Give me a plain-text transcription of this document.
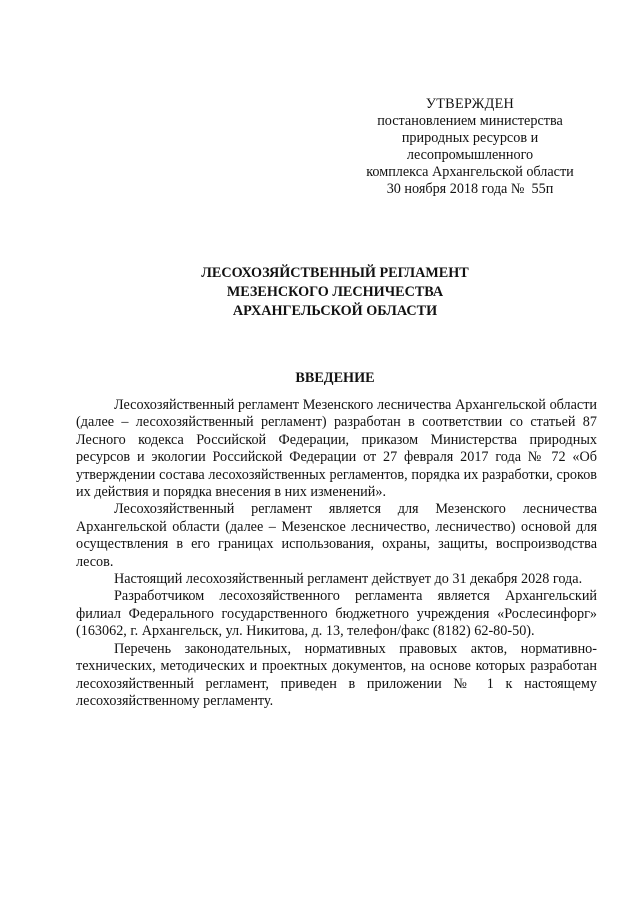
УТВЕРЖДЕН
постановлением министерства
природных ресурсов и
лесопромышленного
комплекса Архангельской области
30 ноября 2018 года №  55п
ЛЕСОХОЗЯЙСТВЕННЫЙ РЕГЛАМЕНТ
МЕЗЕНСКОГО ЛЕСНИЧЕСТВА
АРХАНГЕЛЬСКОЙ ОБЛАСТИ
ВВЕДЕНИЕ

Лесохозяйственный регламент Мезенского лесничества Архангельской области (далее – лесохозяйственный регламент) разработан в соответствии со статьей 87 Лесного кодекса Российской Федерации, приказом Министерства природных ресурсов и экологии Российской Федерации от 27 февраля 2017 года № 72 «Об утверждении состава лесохозяйственных регламентов, порядка их разработки, сроков их действия и порядка внесения в них изменений».

Лесохозяйственный регламент является для Мезенского лесничества Архангельской области (далее – Мезенское лесничество, лесничество) основой для осуществления в его границах использования, охраны, защиты, воспроизводства лесов.

Настоящий лесохозяйственный регламент действует до 31 декабря 2028 года.

Разработчиком лесохозяйственного регламента является Архангельский филиал Федерального государственного бюджетного учреждения «Рослесинфорг» (163062, г. Архангельск, ул. Никитова, д. 13, телефон/факс (8182) 62-80-50).

Перечень законодательных, нормативных правовых актов, нормативно-технических, методических и проектных документов, на основе которых разработан лесохозяйственный регламент, приведен в приложении № 1 к настоящему лесохозяйственному регламенту.
